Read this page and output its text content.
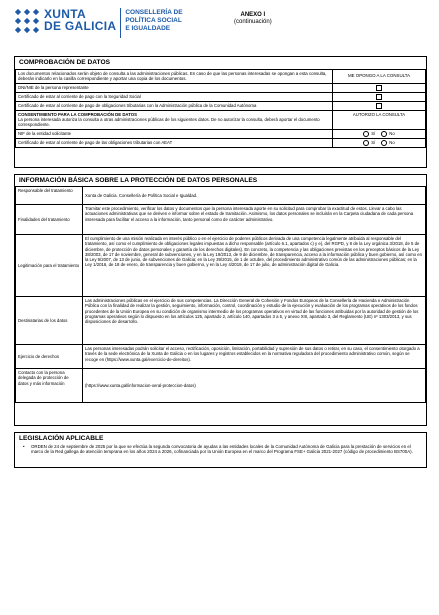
XUNTA
DE GALICIA
CONSELLERÍA DE
POLÍTICA SOCIAL
E IGUALDADE
ANEXO I
(continuación)
COMPROBACIÓN DE DATOS
Los documentos relacionados serán objeto de consulta a las administraciones públicas. En caso de que las personas interesadas se opongan a esta consulta, deberán indicarlo en la casilla correspondiente y aportar una copia de los documentos.	ME OPONGO A LA CONSULTA

DNI/NIE de la persona representante	
Certificado de estar al corriente de pago con la Seguridad Social	
Certificado de estar al corriente de pago de obligaciones tributarias con la Administración pública de la Comunidad Autónoma	

CONSENTIMIENTO PARA LA COMPROBACIÓN DE DATOS
La persona interesada autoriza la consulta a otras administraciones públicas de los siguientes datos. De no autorizar la consulta, deberá aportar el documento correspondiente.	AUTORIZO LA CONSULTA

NIF de la entidad solicitante	Sí No
Certificado de estar al corriente de pago de las obligaciones tributarias con AEAT	Sí No
INFORMACIÓN BÁSICA SOBRE LA PROTECCIÓN DE DATOS PERSONALES
Responsable del tratamiento	Xunta de Galicia. Consellería de Política Social e Igualdad.
Finalidades del tratamiento	Tramitar este procedimiento, verificar los datos y documentos que la persona interesada aporte en su solicitud para comprobar la exactitud de estos. Llevar a cabo las actuaciones administrativas que se deriven e informar sobre el estado de tramitación. Asimismo, los datos personales se incluirán en la Carpeta ciudadana de cada persona interesada para facilitar el acceso a la información, tanto personal como de carácter administrativo.
Legitimación para el tratamiento	El cumplimiento de una misión realizada en interés público o en el ejercicio de poderes públicos derivada de una competencia legalmente atribuida al responsable del tratamiento, así como el cumplimiento de obligaciones legales impuestas a dicho responsable (artículo 6.1, apartados c) y e), del RGPD, y 8 de la Ley orgánica 3/2018, de 5 de diciembre, de protección de datos personales y garantía de los derechos digitales). En concreto, la competencia y las obligaciones previstas en los preceptos básicos de la Ley 38/2003, de 17 de noviembre, general de subvenciones, y en la Ley 19/2013, de 9 de diciembre, de transparencia, acceso a la información pública y buen gobierno, así como en la Ley 9/2007, de 13 de junio, de subvenciones de Galicia; en la Ley 39/2015, de 1 de octubre, del procedimiento administrativo común de las administraciones públicas; en la Ley 1/2016, de 18 de enero, de transparencia y buen gobierno, y en la Ley 4/2019, de 17 de julio, de administración digital de Galicia.
Destinatarias de los datos	Las administraciones públicas en el ejercicio de sus competencias. La Dirección General de Cohesión y Fondos Europeos de la Consellería de Hacienda e Administración Pública con la finalidad de realizar la gestión, seguimiento, información, control, coordinación y estudio de la ejecución y evaluación de los programas operativos de los fondos procedentes de la Unión Europea en su condición de organismo intermedio de los programas operativos en virtud de las funciones atribuidas por la autoridad de gestión de los programas operativos según lo dispuesto en los artículos 125, apartado 2, artículo 140, apartados 3 a 5, y anexo XIII, apartado 3, del Reglamento (UE) nº 1303/2013, y sus disposiciones de desarrollo.
Ejercicio de derechos	Las personas interesadas podrán solicitar el acceso, rectificación, oposición, limitación, portabilidad y supresión de sus datos o retirar, en su caso, el consentimiento otorgado a través de la sede electrónica de la Xunta de Galicia o en los lugares y registros establecidos en la normativa reguladora del procedimiento administrativo común, según se recoge en (https://www.xunta.gal/exercicio-de-dereitos).
Contacto con la persona delegada de protección de datos y más información	(https://www.xunta.gal/informacion-xeral-proteccion-datos)
LEGISLACIÓN APLICABLE
• ORDEN de 24 de septiembre de 2025 por la que se efectúa la segunda convocatoria de ayudas a las entidades locales de la Comunidad Autónoma de Galicia para la prestación de servicios en el marco de la Red gallega de atención temprana en los años 2024 a 2026, cofinanciada por la Unión Europea en el marco del Programa FSE+ Galicia 2021-2027 (código de procedimiento BS700A).
